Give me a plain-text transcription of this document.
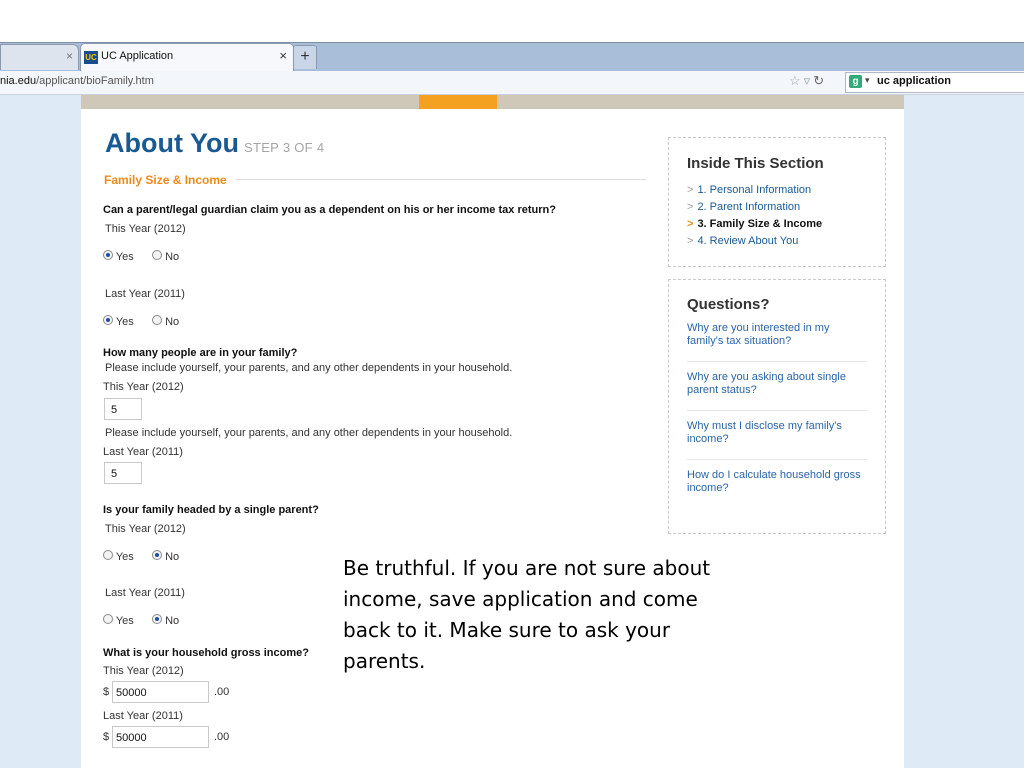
× UC UC Application	× +
nia.edu/applicant/bioFamily.htm	☆▿↻	g ▾ uc application
About You STEP 3 OF 4
Family Size & Income
Can a parent/legal guardian claim you as a dependent on his or her income tax return?
This Year (2012)
Yes	No
Last Year (2011)
Yes	No
How many people are in your family?
Please include yourself, your parents, and any other dependents in your household.
This Year (2012)
5
Please include yourself, your parents, and any other dependents in your household.
Last Year (2011)
5
Is your family headed by a single parent?
This Year (2012)
Yes	No
Last Year (2011)
Yes	No
What is your household gross income?
This Year (2012)
$ 50000	.00
Last Year (2011)
$ 50000	.00
Inside This Section
> 1. Personal Information
> 2. Parent Information
> 3. Family Size & Income
> 4. Review About You
Questions?
Why are you interested in my family's tax situation?
Why are you asking about single parent status?
Why must I disclose my family's income?
How do I calculate household gross income?
Be truthful. If you are not sure about income, save application and come back to it. Make sure to ask your parents.
